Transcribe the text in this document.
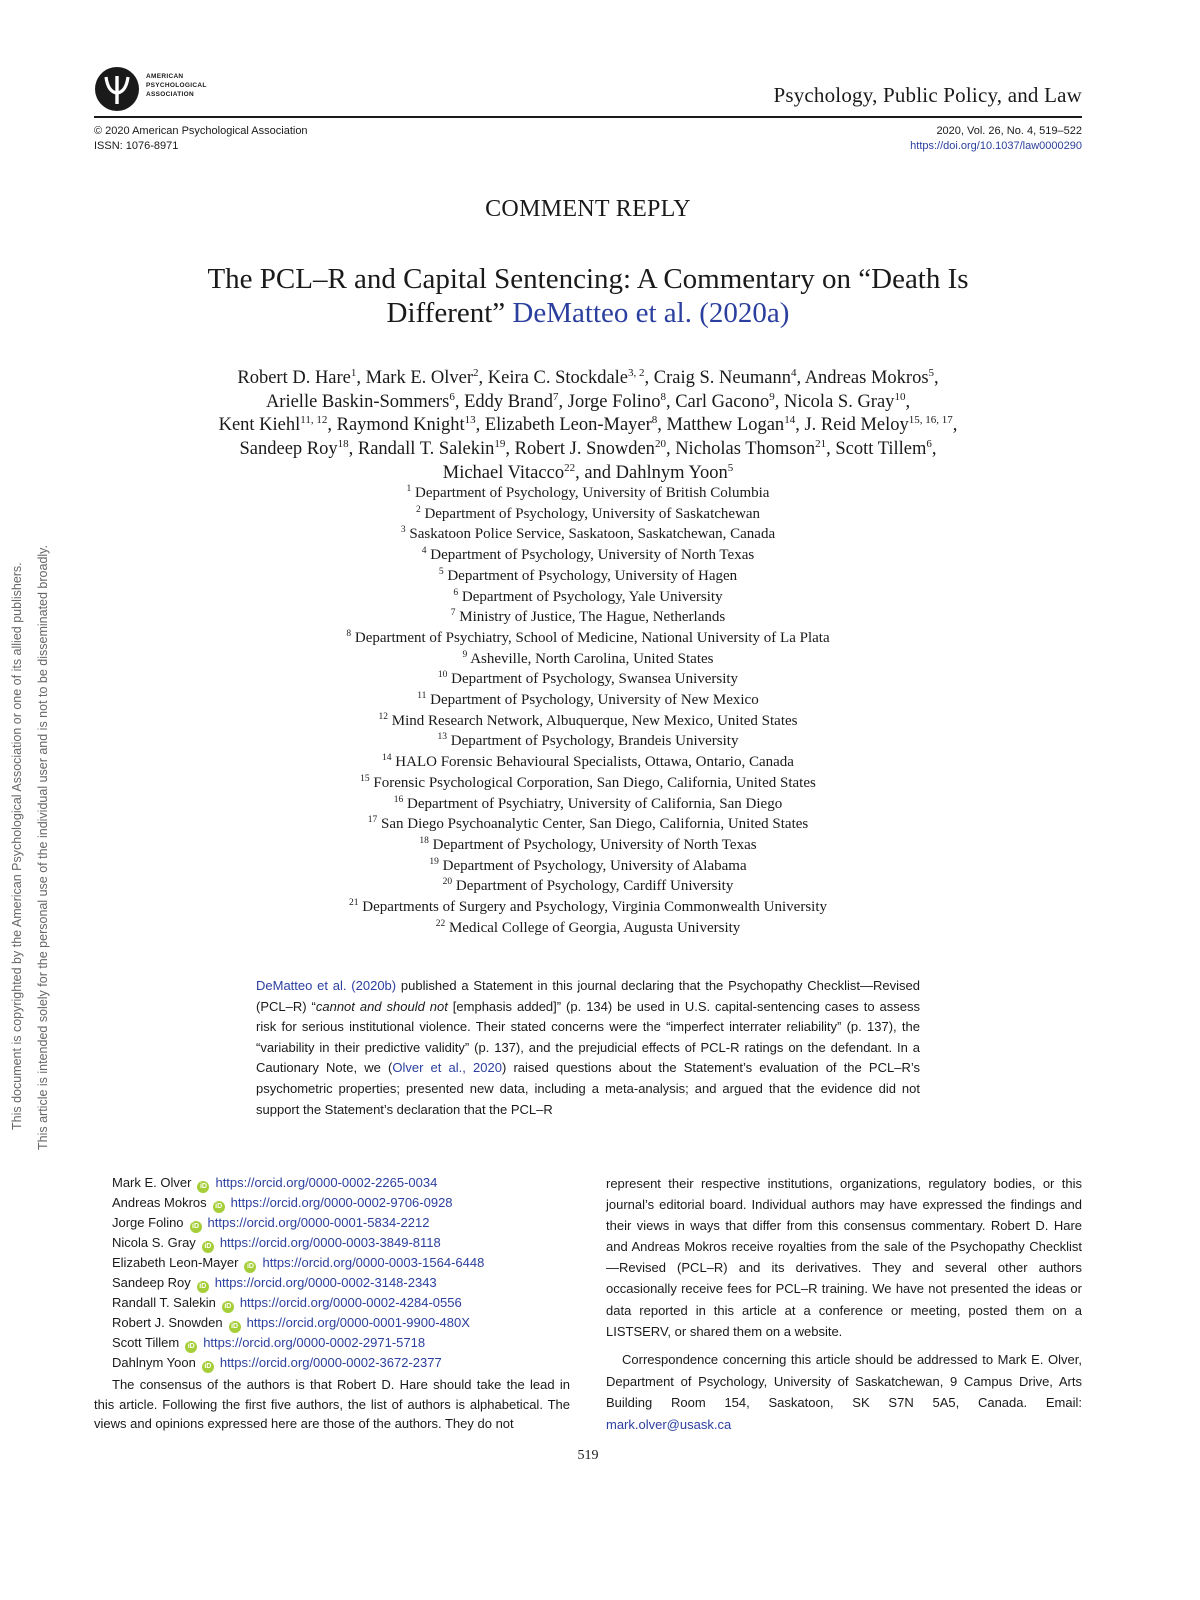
This document is copyrighted by the American Psychological Association or one of its allied publishers. This article is intended solely for the personal use of the individual user and is not to be disseminated broadly.
AMERICAN
PSYCHOLOGICAL
ASSOCIATION	Psychology, Public Policy, and Law
© 2020 American Psychological Association
ISSN: 1076-8971
2020, Vol. 26, No. 4, 519–522
https://doi.org/10.1037/law0000290
COMMENT REPLY
The PCL–R and Capital Sentencing: A Commentary on “Death Is
Different” DeMatteo et al. (2020a)
Robert D. Hare$^1$, Mark E. Olver$^2$, Keira C. Stockdale$^{3, 2}$, Craig S. Neumann$^4$, Andreas Mokros$^5$,
Arielle Baskin-Sommers$^6$, Eddy Brand$^7$, Jorge Folino$^8$, Carl Gacono$^9$, Nicola S. Gray$^{10}$,
Kent Kiehl$^{11, 12}$, Raymond Knight$^{13}$, Elizabeth Leon-Mayer$^8$, Matthew Logan$^{14}$, J. Reid Meloy$^{15, 16, 17}$,
Sandeep Roy$^{18}$, Randall T. Salekin$^{19}$, Robert J. Snowden$^{20}$, Nicholas Thomson$^{21}$, Scott Tillem$^6$,
Michael Vitacco$^{22}$, and Dahlnym Yoon$^5$
$^1$ Department of Psychology, University of British Columbia
$^2$ Department of Psychology, University of Saskatchewan
$^3$ Saskatoon Police Service, Saskatoon, Saskatchewan, Canada
$^4$ Department of Psychology, University of North Texas
$^5$ Department of Psychology, University of Hagen
$^6$ Department of Psychology, Yale University
$^7$ Ministry of Justice, The Hague, Netherlands
$^8$ Department of Psychiatry, School of Medicine, National University of La Plata
$^9$ Asheville, North Carolina, United States
$^{10}$ Department of Psychology, Swansea University
$^{11}$ Department of Psychology, University of New Mexico
$^{12}$ Mind Research Network, Albuquerque, New Mexico, United States
$^{13}$ Department of Psychology, Brandeis University
$^{14}$ HALO Forensic Behavioural Specialists, Ottawa, Ontario, Canada
$^{15}$ Forensic Psychological Corporation, San Diego, California, United States
$^{16}$ Department of Psychiatry, University of California, San Diego
$^{17}$ San Diego Psychoanalytic Center, San Diego, California, United States
$^{18}$ Department of Psychology, University of North Texas
$^{19}$ Department of Psychology, University of Alabama
$^{20}$ Department of Psychology, Cardiff University
$^{21}$ Departments of Surgery and Psychology, Virginia Commonwealth University
$^{22}$ Medical College of Georgia, Augusta University
DeMatteo et al. (2020b) published a Statement in this journal declaring that the Psychopathy Checklist—Revised (PCL–R) “cannot and should not [emphasis added]” (p. 134) be used in U.S. capital-sentencing cases to assess risk for serious institutional violence. Their stated concerns were the “imperfect interrater reliability” (p. 137), the “variability in their predictive validity” (p. 137), and the prejudicial effects of PCL-R ratings on the defendant. In a Cautionary Note, we (Olver et al., 2020) raised questions about the Statement’s evaluation of the PCL–R’s psychometric properties; presented new data, including a meta-analysis; and argued that the evidence did not support the Statement’s declaration that the PCL–R
Mark E. Olver iD https://orcid.org/0000-0002-2265-0034
Andreas Mokros iD https://orcid.org/0000-0002-9706-0928
Jorge Folino iD https://orcid.org/0000-0001-5834-2212
Nicola S. Gray iD https://orcid.org/0000-0003-3849-8118
Elizabeth Leon-Mayer iD https://orcid.org/0000-0003-1564-6448
Sandeep Roy iD https://orcid.org/0000-0002-3148-2343
Randall T. Salekin iD https://orcid.org/0000-0002-4284-0556
Robert J. Snowden iD https://orcid.org/0000-0001-9900-480X
Scott Tillem iD https://orcid.org/0000-0002-2971-5718
Dahlnym Yoon iD https://orcid.org/0000-0002-3672-2377
The consensus of the authors is that Robert D. Hare should take the lead in this article. Following the first five authors, the list of authors is alphabetical. The views and opinions expressed here are those of the authors. They do not
represent their respective institutions, organizations, regulatory bodies, or this journal’s editorial board. Individual authors may have expressed the findings and their views in ways that differ from this consensus commentary. Robert D. Hare and Andreas Mokros receive royalties from the sale of the Psychopathy Checklist—Revised (PCL–R) and its derivatives. They and several other authors occasionally receive fees for PCL–R training. We have not presented the ideas or data reported in this article at a conference or meeting, posted them on a LISTSERV, or shared them on a website.
Correspondence concerning this article should be addressed to Mark E. Olver, Department of Psychology, University of Saskatchewan, 9 Campus Drive, Arts Building Room 154, Saskatoon, SK S7N 5A5, Canada. Email: mark.olver@usask.ca
519
